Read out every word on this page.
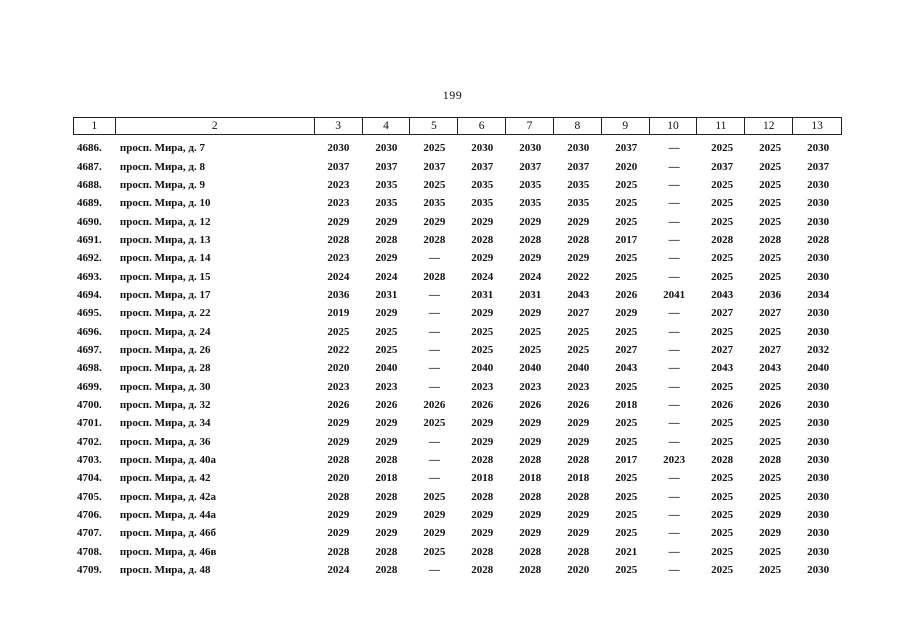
199
1	2	3	4	5	6	7	8	9	10	11	12	13
4686.	просп. Мира, д. 7	2030	2030	2025	2030	2030	2030	2037	—	2025	2025	2030
4687.	просп. Мира, д. 8	2037	2037	2037	2037	2037	2037	2020	—	2037	2025	2037
4688.	просп. Мира, д. 9	2023	2035	2025	2035	2035	2035	2025	—	2025	2025	2030
4689.	просп. Мира, д. 10	2023	2035	2035	2035	2035	2035	2025	—	2025	2025	2030
4690.	просп. Мира, д. 12	2029	2029	2029	2029	2029	2029	2025	—	2025	2025	2030
4691.	просп. Мира, д. 13	2028	2028	2028	2028	2028	2028	2017	—	2028	2028	2028
4692.	просп. Мира, д. 14	2023	2029	—	2029	2029	2029	2025	—	2025	2025	2030
4693.	просп. Мира, д. 15	2024	2024	2028	2024	2024	2022	2025	—	2025	2025	2030
4694.	просп. Мира, д. 17	2036	2031	—	2031	2031	2043	2026	2041	2043	2036	2034
4695.	просп. Мира, д. 22	2019	2029	—	2029	2029	2027	2029	—	2027	2027	2030
4696.	просп. Мира, д. 24	2025	2025	—	2025	2025	2025	2025	—	2025	2025	2030
4697.	просп. Мира, д. 26	2022	2025	—	2025	2025	2025	2027	—	2027	2027	2032
4698.	просп. Мира, д. 28	2020	2040	—	2040	2040	2040	2043	—	2043	2043	2040
4699.	просп. Мира, д. 30	2023	2023	—	2023	2023	2023	2025	—	2025	2025	2030
4700.	просп. Мира, д. 32	2026	2026	2026	2026	2026	2026	2018	—	2026	2026	2030
4701.	просп. Мира, д. 34	2029	2029	2025	2029	2029	2029	2025	—	2025	2025	2030
4702.	просп. Мира, д. 36	2029	2029	—	2029	2029	2029	2025	—	2025	2025	2030
4703.	просп. Мира, д. 40а	2028	2028	—	2028	2028	2028	2017	2023	2028	2028	2030
4704.	просп. Мира, д. 42	2020	2018	—	2018	2018	2018	2025	—	2025	2025	2030
4705.	просп. Мира, д. 42а	2028	2028	2025	2028	2028	2028	2025	—	2025	2025	2030
4706.	просп. Мира, д. 44а	2029	2029	2029	2029	2029	2029	2025	—	2025	2029	2030
4707.	просп. Мира, д. 46б	2029	2029	2029	2029	2029	2029	2025	—	2025	2029	2030
4708.	просп. Мира, д. 46в	2028	2028	2025	2028	2028	2028	2021	—	2025	2025	2030
4709.	просп. Мира, д. 48	2024	2028	—	2028	2028	2020	2025	—	2025	2025	2030
